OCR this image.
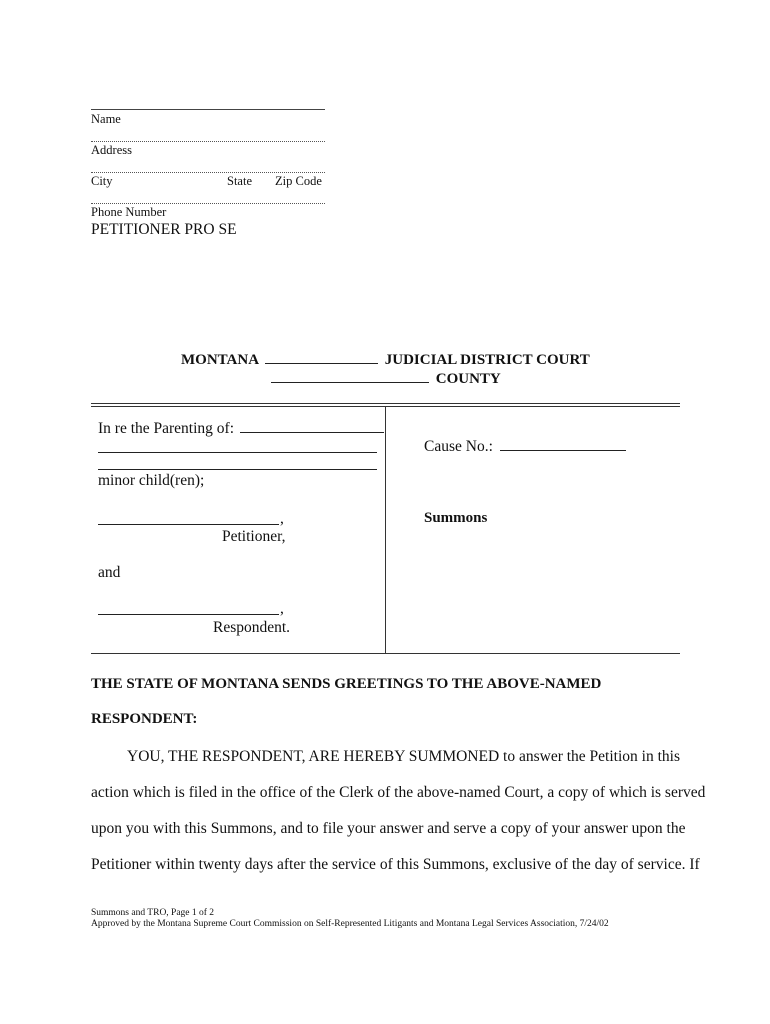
Name
Address
City	State Zip Code
Phone Number
PETITIONER PRO SE
MONTANA	JUDICIAL DISTRICT COURT
COUNTY
In re the Parenting of:
minor child(ren);
,
Petitioner,
and
,
Respondent.
Cause No.:
Summons
THE STATE OF MONTANA SENDS GREETINGS TO THE ABOVE-NAMED
RESPONDENT:
YOU, THE RESPONDENT, ARE HEREBY SUMMONED to answer the Petition in this
action which is filed in the office of the Clerk of the above-named Court, a copy of which is served
upon you with this Summons, and to file your answer and serve a copy of your answer upon the
Petitioner within twenty days after the service of this Summons, exclusive of the day of service. If
Summons and TRO, Page 1 of 2
Approved by the Montana Supreme Court Commission on Self-Represented Litigants and Montana Legal Services Association, 7/24/02
